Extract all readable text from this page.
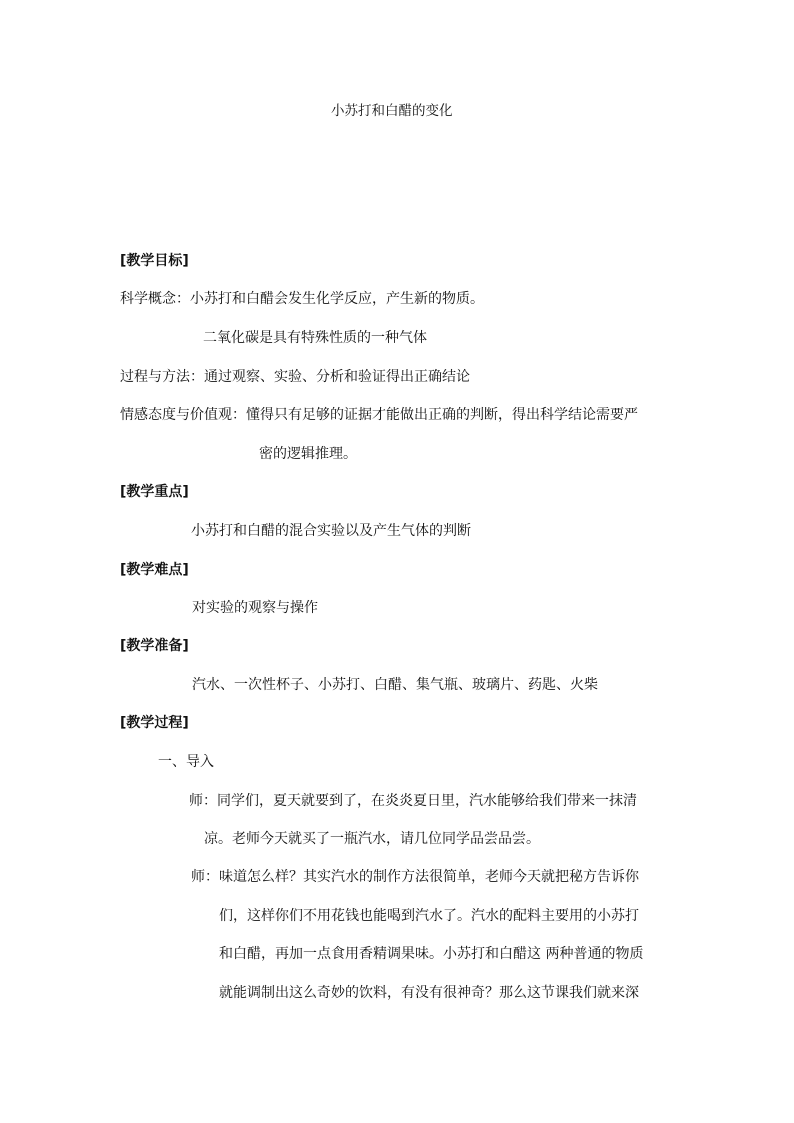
小苏打和白醋的变化
[教学目标]
科学概念：小苏打和白醋会发生化学反应，产生新的物质。
二氧化碳是具有特殊性质的一种气体
过程与方法：通过观察、实验、分析和验证得出正确结论
情感态度与价值观：懂得只有足够的证据才能做出正确的判断，得出科学结论需要严
密的逻辑推理。
[教学重点]
小苏打和白醋的混合实验以及产生气体的判断
[教学难点]
对实验的观察与操作
[教学准备]
汽水、一次性杯子、小苏打、白醋、集气瓶、玻璃片、药匙、火柴
[教学过程]
一、导入
师：同学们，夏天就要到了，在炎炎夏日里，汽水能够给我们带来一抹清
凉。老师今天就买了一瓶汽水，请几位同学品尝品尝。
师：味道怎么样？其实汽水的制作方法很简单，老师今天就把秘方告诉你
们，这样你们不用花钱也能喝到汽水了。汽水的配料主要用的小苏打
和白醋，再加一点食用香精调果味。小苏打和白醋这 两种普通的物质
就能调制出这么奇妙的饮料，有没有很神奇？那么这节课我们就来深
